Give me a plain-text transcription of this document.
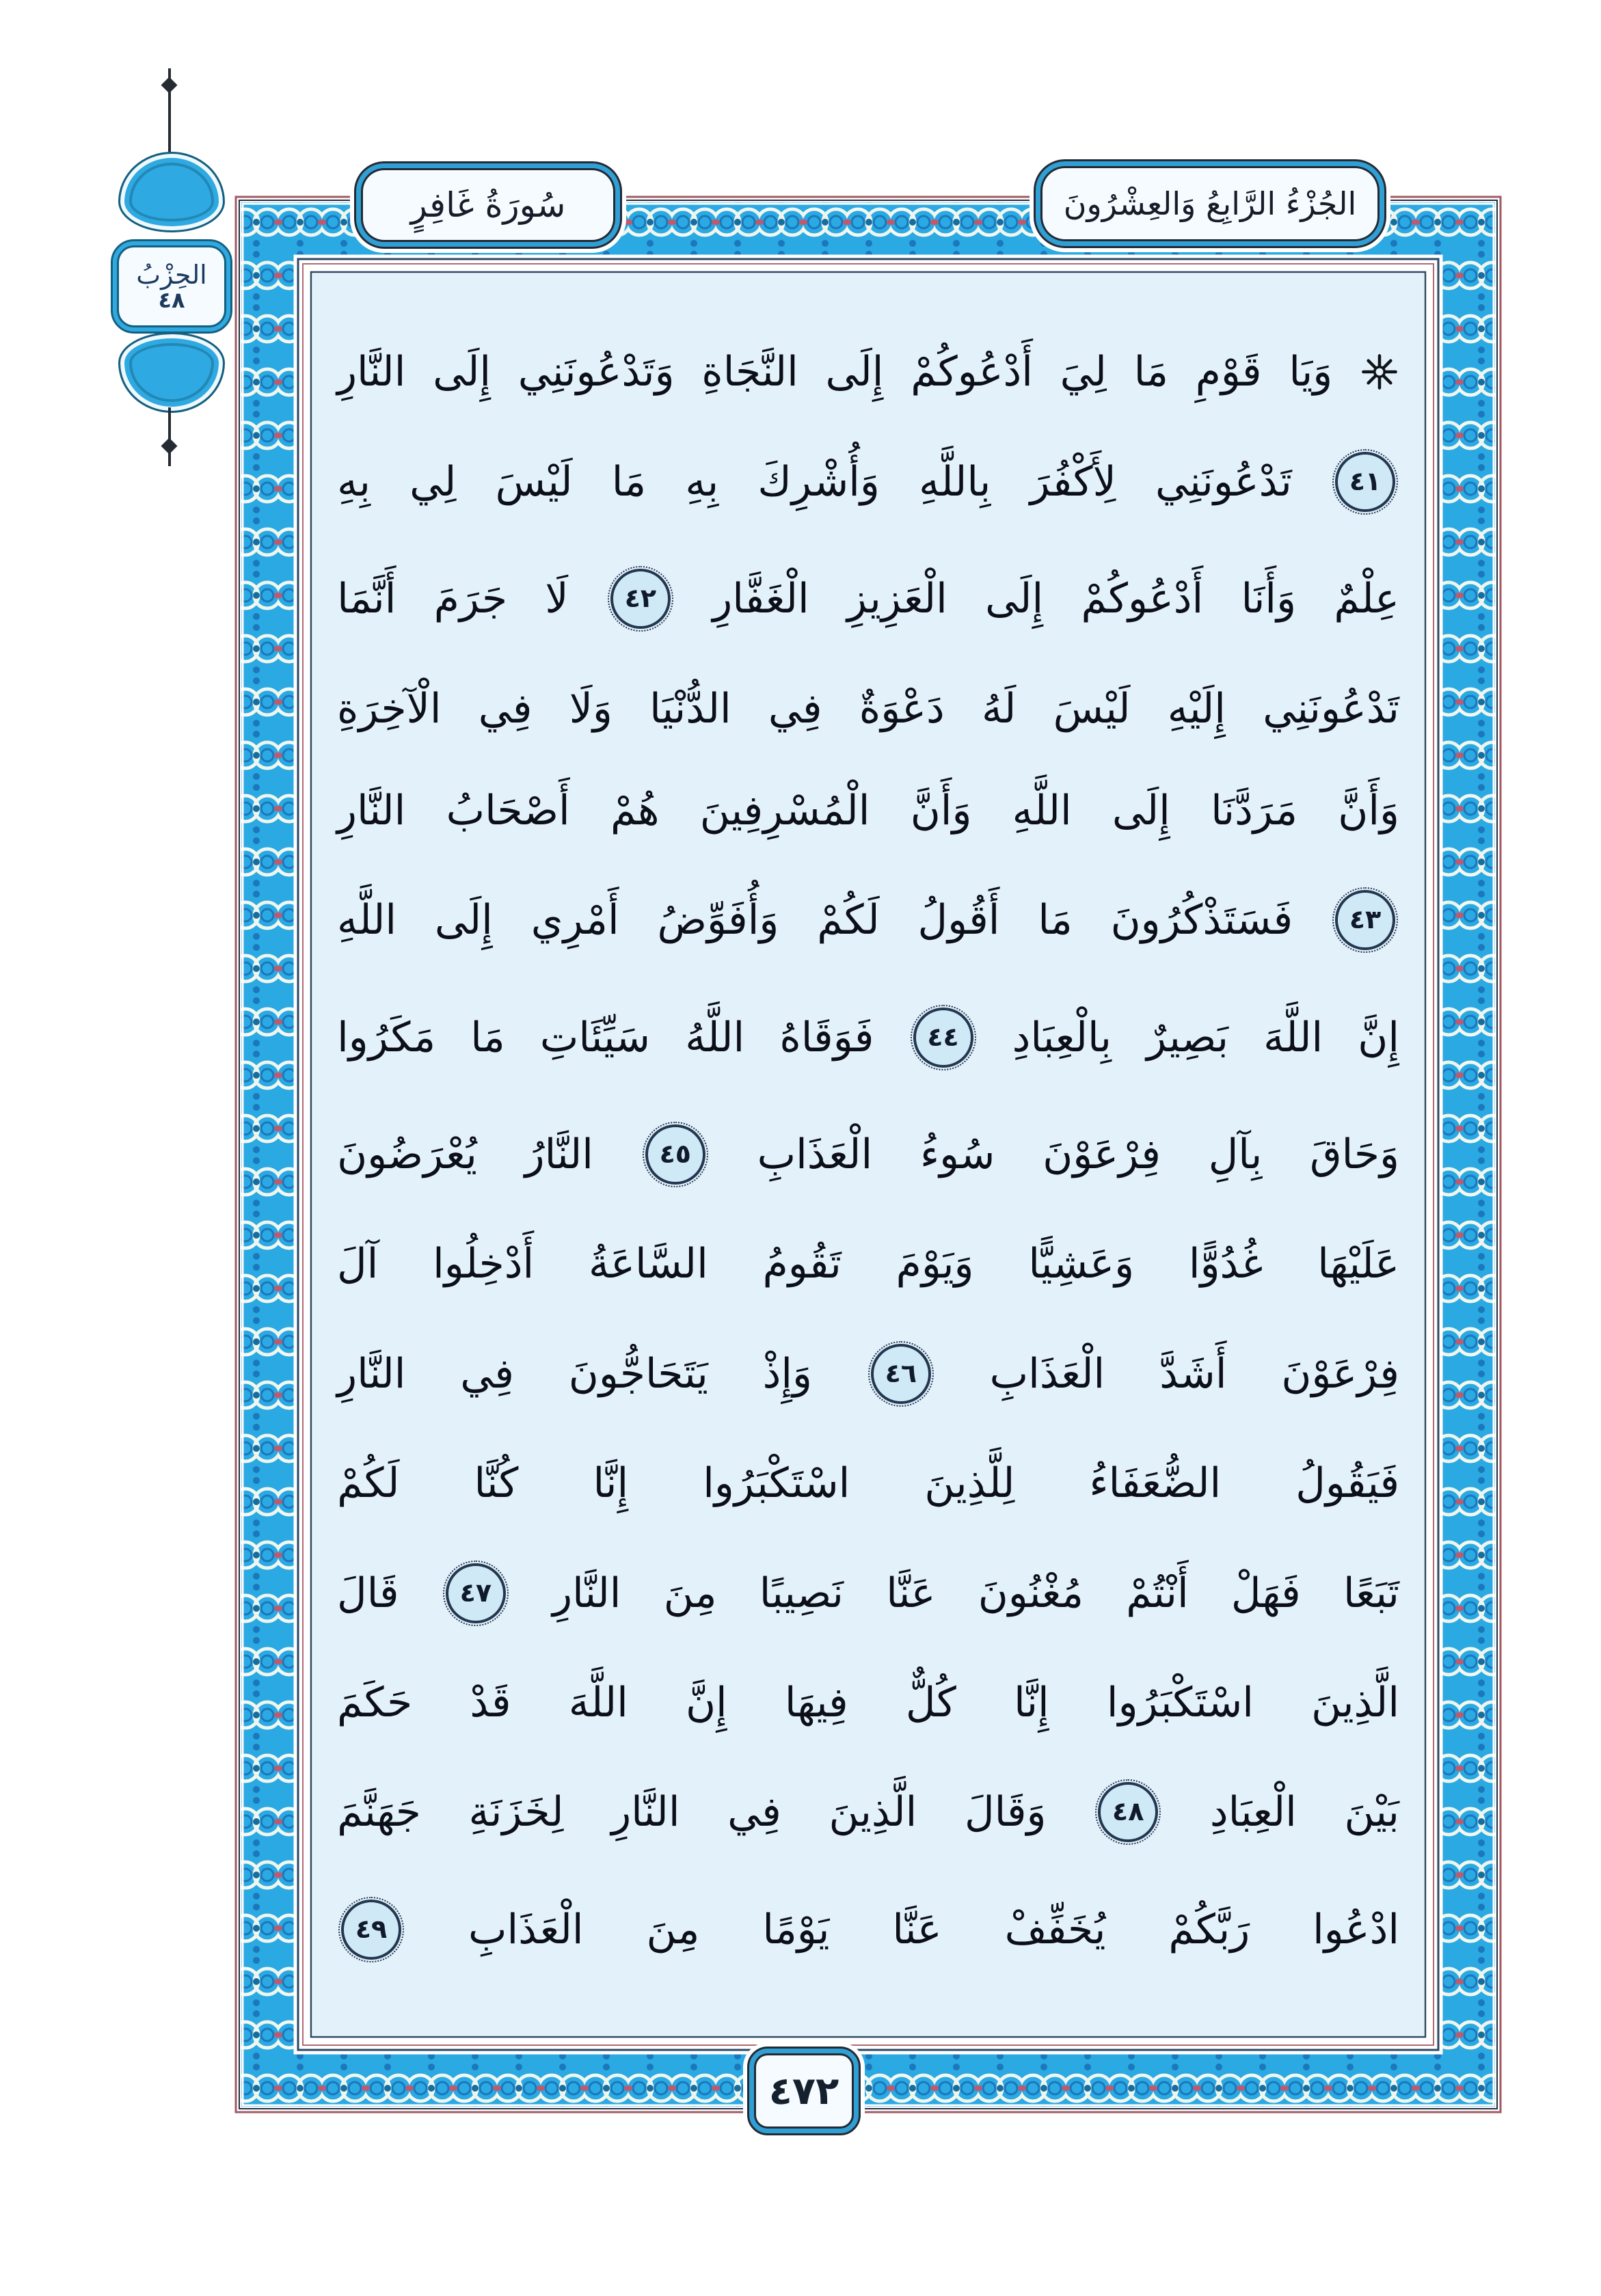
وَيَا
قَوْمِ
مَا
لِيَ
أَدْعُوكُمْ
إِلَى
النَّجَاةِ
وَتَدْعُونَنِي
إِلَى
النَّارِ
٤١
تَدْعُونَنِي
لِأَكْفُرَ
بِاللَّهِ
وَأُشْرِكَ
بِهِ
مَا
لَيْسَ
لِي
بِهِ
عِلْمٌ
وَأَنَا
أَدْعُوكُمْ
إِلَى
الْعَزِيزِ
الْغَفَّارِ
٤٢
لَا
جَرَمَ
أَنَّمَا
تَدْعُونَنِي
إِلَيْهِ
لَيْسَ
لَهُ
دَعْوَةٌ
فِي
الدُّنْيَا
وَلَا
فِي
الْآخِرَةِ
وَأَنَّ
مَرَدَّنَا
إِلَى
اللَّهِ
وَأَنَّ
الْمُسْرِفِينَ
هُمْ
أَصْحَابُ
النَّارِ
٤٣
فَسَتَذْكُرُونَ
مَا
أَقُولُ
لَكُمْ
وَأُفَوِّضُ
أَمْرِي
إِلَى
اللَّهِ
إِنَّ
اللَّهَ
بَصِيرٌ
بِالْعِبَادِ
٤٤
فَوَقَاهُ
اللَّهُ
سَيِّئَاتِ
مَا
مَكَرُوا
وَحَاقَ
بِآلِ
فِرْعَوْنَ
سُوءُ
الْعَذَابِ
٤٥
النَّارُ
يُعْرَضُونَ
عَلَيْهَا
غُدُوًّا
وَعَشِيًّا
وَيَوْمَ
تَقُومُ
السَّاعَةُ
أَدْخِلُوا
آلَ
فِرْعَوْنَ
أَشَدَّ
الْعَذَابِ
٤٦
وَإِذْ
يَتَحَاجُّونَ
فِي
النَّارِ
فَيَقُولُ
الضُّعَفَاءُ
لِلَّذِينَ
اسْتَكْبَرُوا
إِنَّا
كُنَّا
لَكُمْ
تَبَعًا
فَهَلْ
أَنْتُمْ
مُغْنُونَ
عَنَّا
نَصِيبًا
مِنَ
النَّارِ
٤٧
قَالَ
الَّذِينَ
اسْتَكْبَرُوا
إِنَّا
كُلٌّ
فِيهَا
إِنَّ
اللَّهَ
قَدْ
حَكَمَ
بَيْنَ
الْعِبَادِ
٤٨
وَقَالَ
الَّذِينَ
فِي
النَّارِ
لِخَزَنَةِ
جَهَنَّمَ
ادْعُوا
رَبَّكُمْ
يُخَفِّفْ
عَنَّا
يَوْمًا
مِنَ
الْعَذَابِ
٤٩
سُورَةُ غَافِرٍ	الجُزْءُ الرَّابِعُ وَالعِشْرُونَ
الحِزْبُ
٤٨
٤٧٢
